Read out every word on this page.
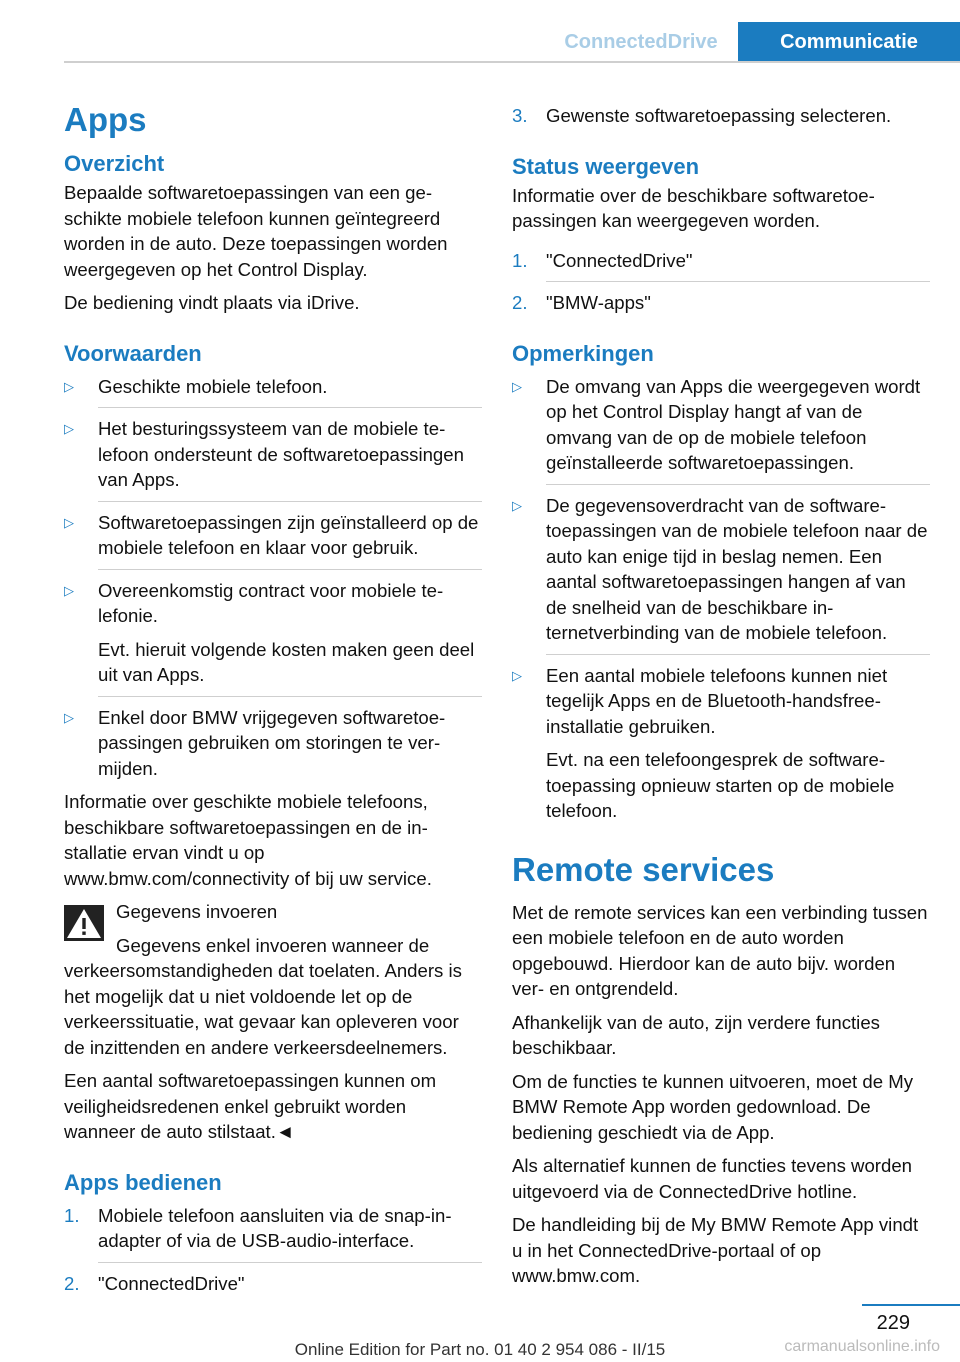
ConnectedDrive	Communicatie
Apps
Overzicht

Bepaalde softwaretoepassingen van een geschikte mobiele telefoon kunnen geïntegreerd worden in de auto. Deze toepassingen worden weergegeven op het Control Display.

De bediening vindt plaats via iDrive.

Voorwaarden
▷	Geschikte mobiele telefoon.
▷	Het besturingssysteem van de mobiele telefoon ondersteunt de softwaretoepassingen van Apps.
▷	Softwaretoepassingen zijn geïnstalleerd op de mobiele telefoon en klaar voor gebruik.
▷	Overeenkomstig contract voor mobiele telefonie.

Evt. hieruit volgende kosten maken geen deel uit van Apps.

▷	Enkel door BMW vrijgegeven softwaretoepassingen gebruiken om storingen te vermijden.

Informatie over geschikte mobiele telefoons, beschikbare softwaretoepassingen en de installatie ervan vindt u op www.bmw.com/connectivity of bij uw service.

Gegevens invoeren

Gegevens enkel invoeren wanneer de verkeersomstandigheden dat toelaten. Anders is het mogelijk dat u niet voldoende let op de verkeerssituatie, wat gevaar kan opleveren voor de inzittenden en andere verkeersdeelnemers.

Een aantal softwaretoepassingen kunnen om veiligheidsredenen enkel gebruikt worden wanneer de auto stilstaat.◄

Apps bedienen
1. Mobiele telefoon aansluiten via de snap-in-adapter of via de USB-audio-interface.
2. "ConnectedDrive"
3. Gewenste softwaretoepassing selecteren.
Status weergeven

Informatie over de beschikbare softwaretoepassingen kan weergegeven worden.

1. "ConnectedDrive"
2. "BMW-apps"
Opmerkingen
▷	De omvang van Apps die weergegeven wordt op het Control Display hangt af van de omvang van de op de mobiele telefoon geïnstalleerde softwaretoepassingen.
▷	De gegevensoverdracht van de softwaretoepassingen van de mobiele telefoon naar de auto kan enige tijd in beslag nemen. Een aantal softwaretoepassingen hangen af van de snelheid van de beschikbare internetverbinding van de mobiele telefoon.
▷	Een aantal mobiele telefoons kunnen niet tegelijk Apps en de Bluetooth-handsfree-installatie gebruiken.

Evt. na een telefoongesprek de softwaretoepassing opnieuw starten op de mobiele telefoon.

Remote services

Met de remote services kan een verbinding tussen een mobiele telefoon en de auto worden opgebouwd. Hierdoor kan de auto bijv. worden ver- en ontgrendeld.

Afhankelijk van de auto, zijn verdere functies beschikbaar.

Om de functies te kunnen uitvoeren, moet de My BMW Remote App worden gedownload. De bediening geschiedt via de App.

Als alternatief kunnen de functies tevens worden uitgevoerd via de ConnectedDrive hotline.

De handleiding bij de My BMW Remote App vindt u in het ConnectedDrive-portaal of op www.bmw.com.

229
Online Edition for Part no. 01 40 2 954 086 - II/15	carmanualsonline.info
